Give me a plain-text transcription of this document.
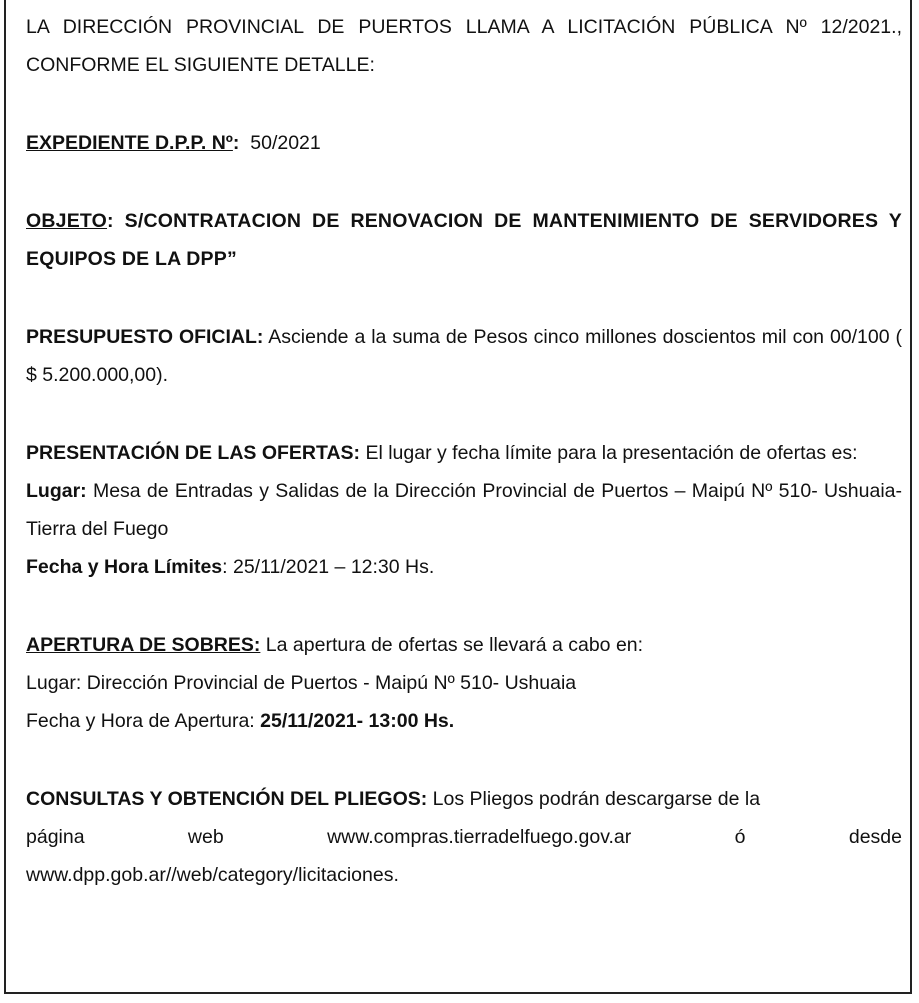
LA DIRECCIÓN PROVINCIAL DE PUERTOS LLAMA A LICITACIÓN PÚBLICA Nº 12/2021., CONFORME EL SIGUIENTE DETALLE:

EXPEDIENTE D.P.P. Nº: 50/2021

OBJETO: S/CONTRATACION DE RENOVACION DE MANTENIMIENTO DE SERVIDORES Y EQUIPOS DE LA DPP”

PRESUPUESTO OFICIAL: Asciende a la suma de Pesos cinco millones doscientos mil con 00/100 ( $ 5.200.000,00).

PRESENTACIÓN DE LAS OFERTAS: El lugar y fecha límite para la presentación de ofertas es:

Lugar: Mesa de Entradas y Salidas de la Dirección Provincial de Puertos – Maipú Nº 510- Ushuaia- Tierra del Fuego

Fecha y Hora Límites: 25/11/2021 – 12:30 Hs.

APERTURA DE SOBRES: La apertura de ofertas se llevará a cabo en:

Lugar: Dirección Provincial de Puertos - Maipú Nº 510- Ushuaia

Fecha y Hora de Apertura: 25/11/2021- 13:00 Hs.

CONSULTAS Y OBTENCIÓN DEL PLIEGOS: Los Pliegos podrán descargarse de la

página	web	www.compras.tierradelfuego.gov.ar	ó	desde

www.dpp.gob.ar//web/category/licitaciones.
